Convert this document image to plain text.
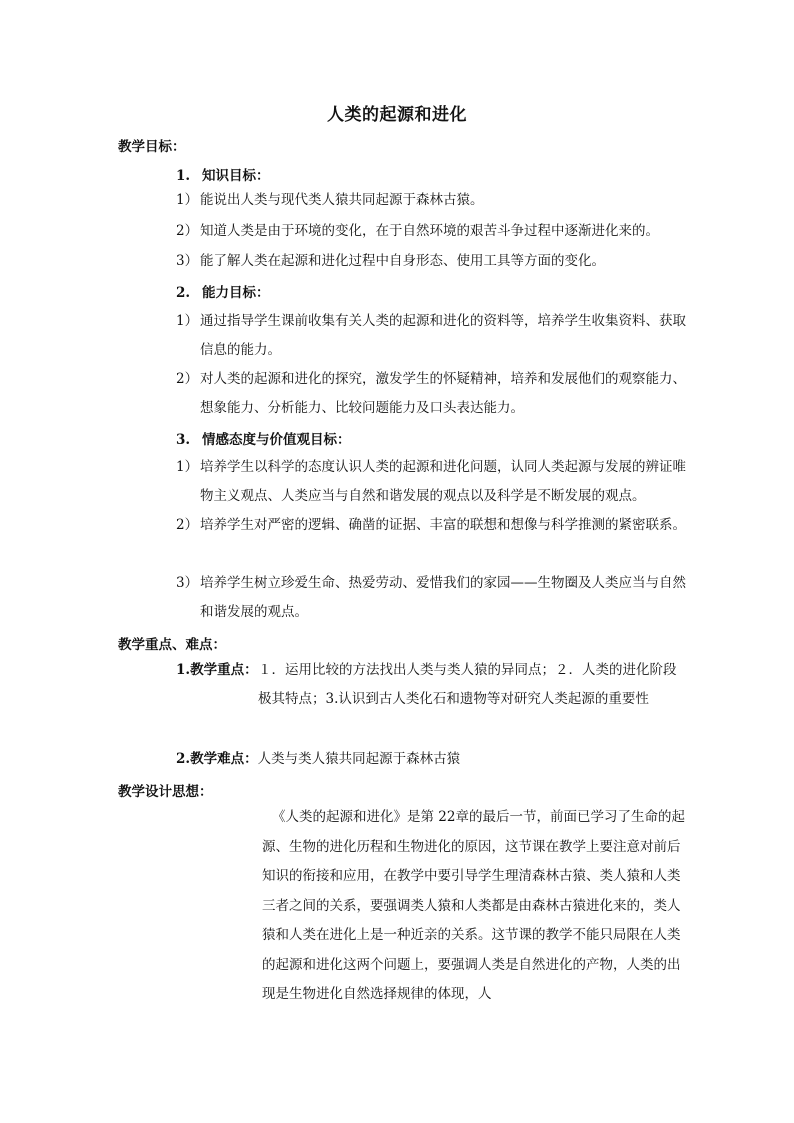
人类的起源和进化
教学目标：
1. 知识目标：
1） 能说出人类与现代类人猿共同起源于森林古猿。
2） 知道人类是由于环境的变化，在于自然环境的艰苦斗争过程中逐渐进化来的。
3） 能了解人类在起源和进化过程中自身形态、使用工具等方面的变化。
2. 能力目标：
1） 通过指导学生课前收集有关人类的起源和进化的资料等，培养学生收集资料、获取信息的能力。
2） 对人类的起源和进化的探究，激发学生的怀疑精神，培养和发展他们的观察能力、想象能力、分析能力、比较问题能力及口头表达能力。
3. 情感态度与价值观目标：
1） 培养学生以科学的态度认识人类的起源和进化问题，认同人类起源与发展的辨证唯物主义观点、人类应当与自然和谐发展的观点以及科学是不断发展的观点。
2） 培养学生对严密的逻辑、确凿的证据、丰富的联想和想像与科学推测的紧密联系。
3） 培养学生树立珍爱生命、热爱劳动、爱惜我们的家园——生物圈及人类应当与自然和谐发展的观点。
教学重点、难点：
1.教学重点： １．运用比较的方法找出人类与类人猿的异同点；２．人类的进化阶段极其特点；3.认识到古人类化石和遗物等对研究人类起源的重要性
2.教学难点：人类与类人猿共同起源于森林古猿
教学设计思想：
《人类的起源和进化》是第 22章的最后一节，前面已学习了生命的起源、生物的进化历程和生物进化的原因，这节课在教学上要注意对前后知识的衔接和应用，在教学中要引导学生理清森林古猿、类人猿和人类三者之间的关系，要强调类人猿和人类都是由森林古猿进化来的，类人猿和人类在进化上是一种近亲的关系。这节课的教学不能只局限在人类的起源和进化这两个问题上，要强调人类是自然进化的产物，人类的出现是生物进化自然选择规律的体现，人
